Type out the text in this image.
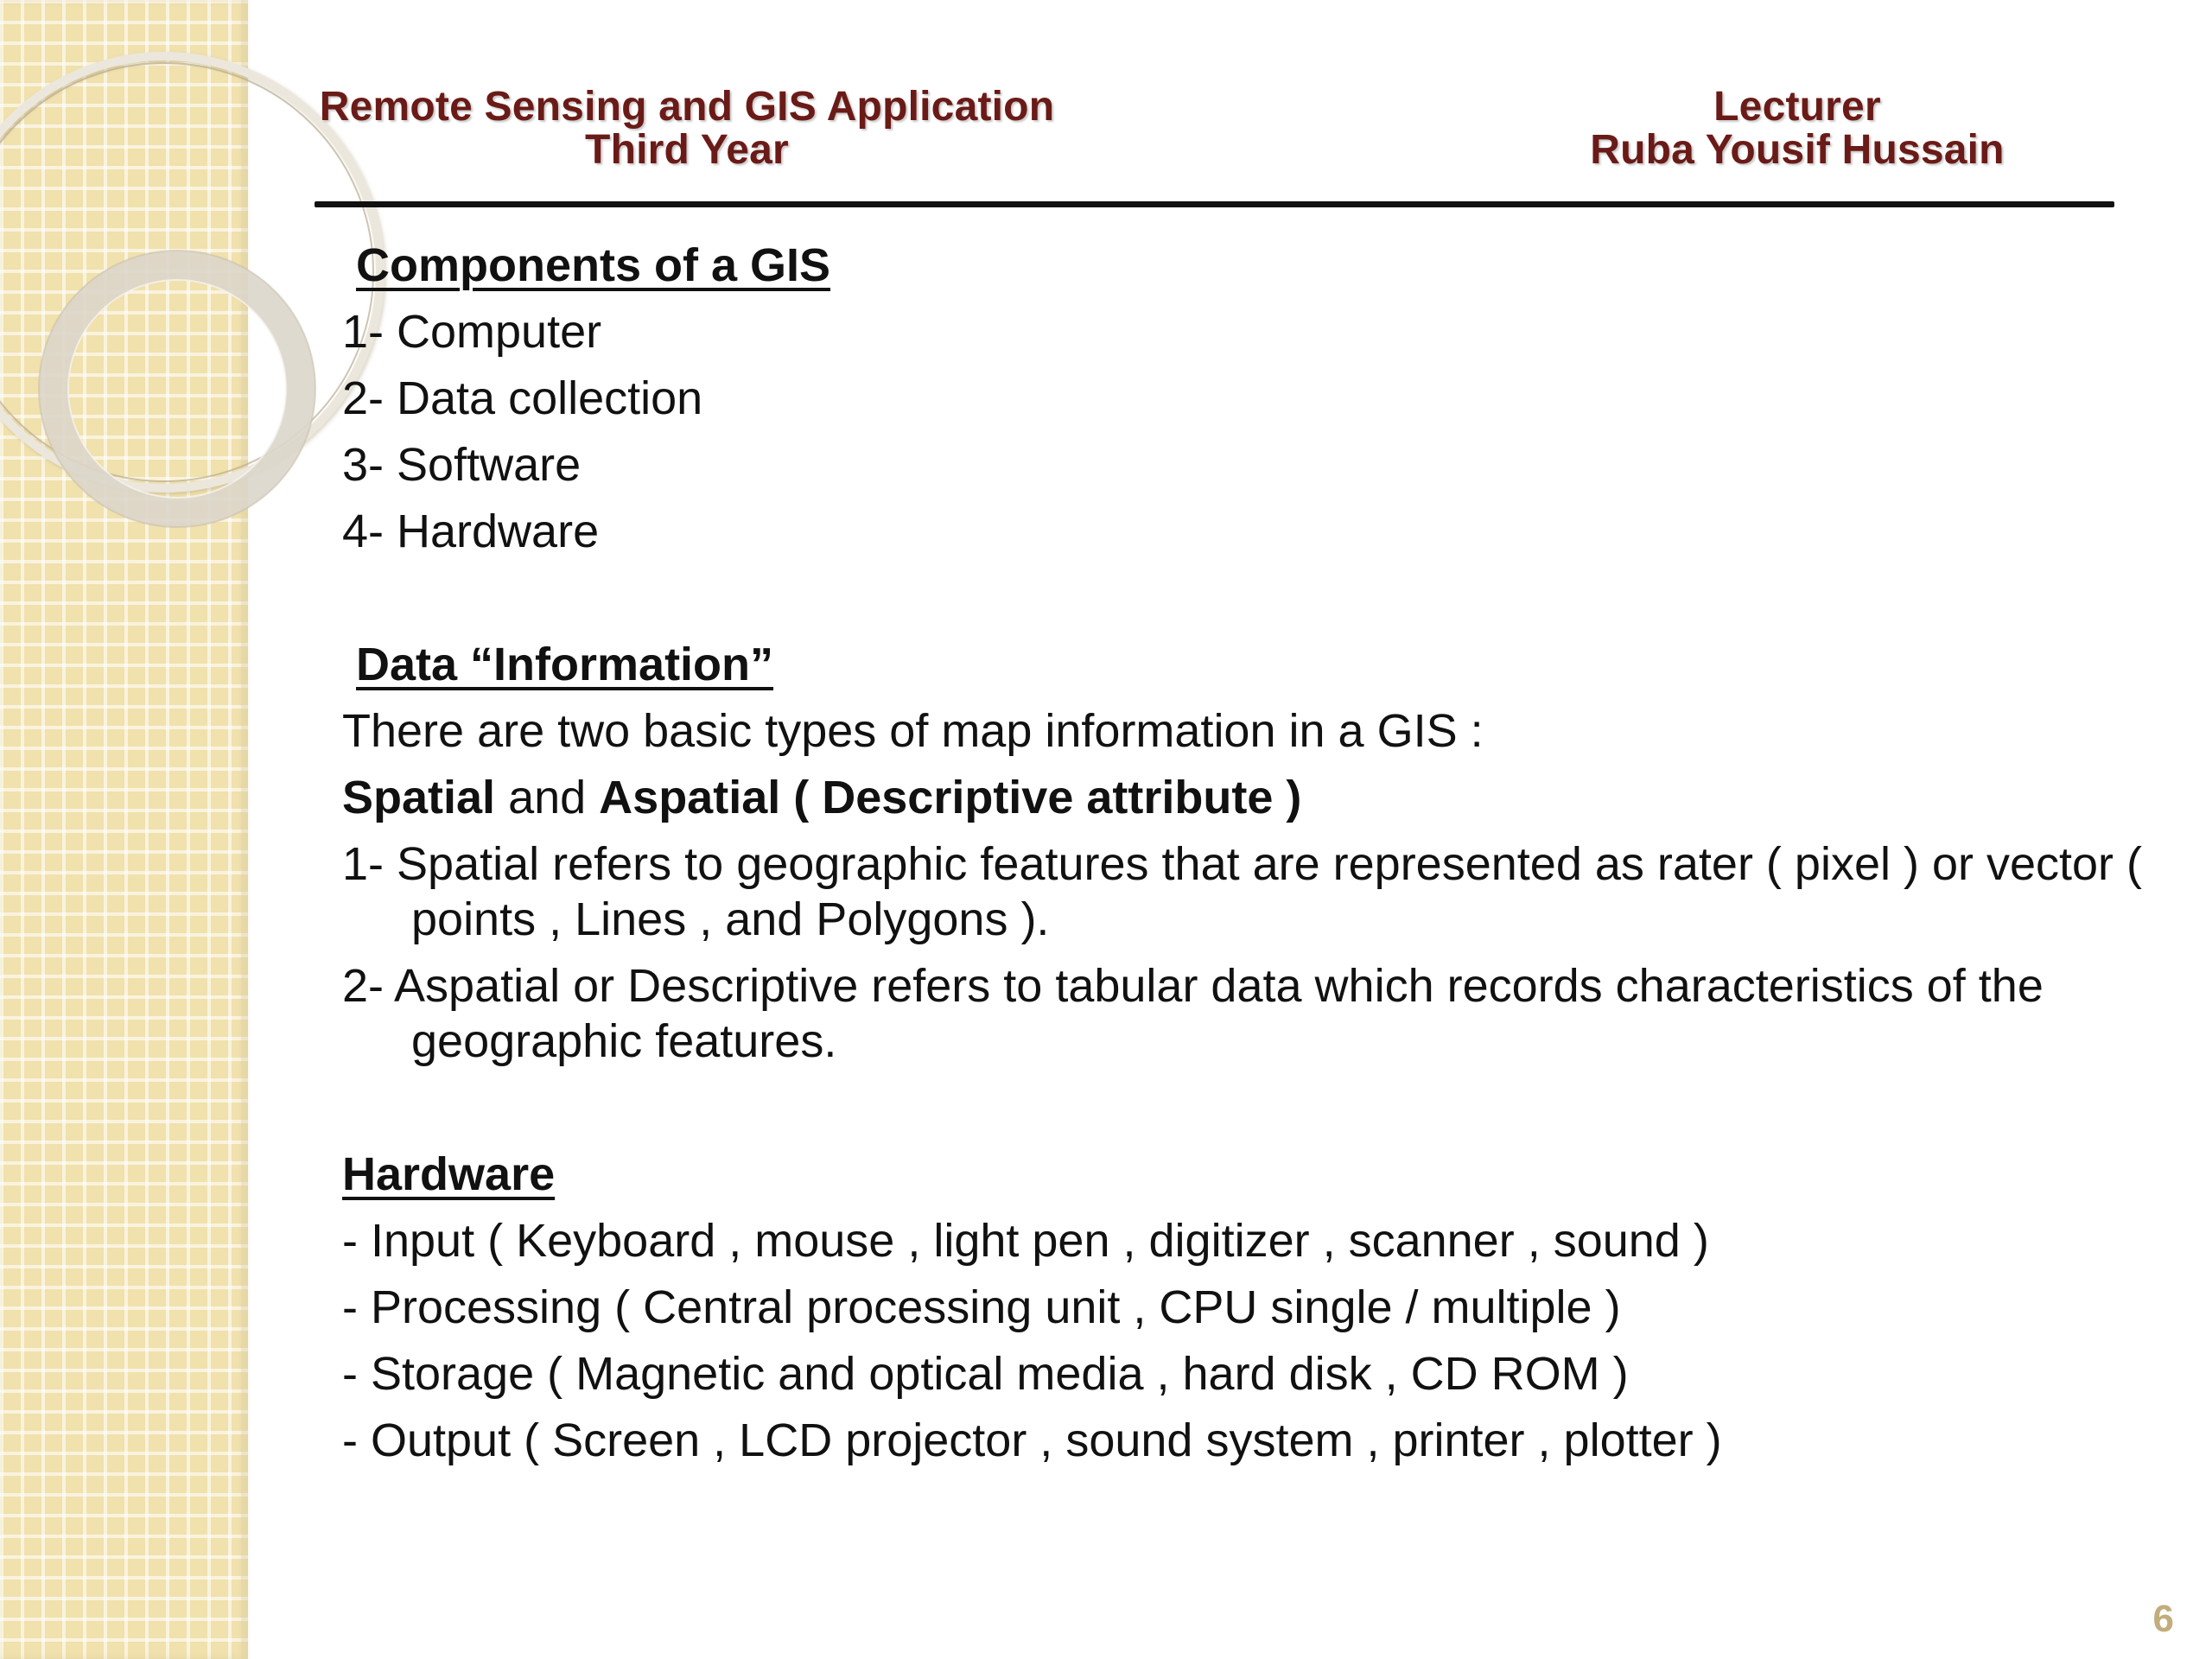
Remote Sensing and GIS Application
Third Year
Lecturer
Ruba Yousif Hussain

Components of a GIS

1- Computer

2- Data collection

3- Software

4- Hardware

Data “Information”

There are two basic types of map information in a GIS :

Spatial and Aspatial ( Descriptive attribute )

1- Spatial refers to geographic features that are represented as rater ( pixel ) or vector ( points , Lines , and Polygons ).

2- Aspatial or Descriptive refers to tabular data which records characteristics of the geographic features.

Hardware

- Input ( Keyboard , mouse , light pen , digitizer , scanner , sound )

- Processing ( Central processing unit , CPU single / multiple )

- Storage ( Magnetic and optical media , hard disk , CD ROM )

- Output ( Screen , LCD projector , sound system , printer , plotter )

6
